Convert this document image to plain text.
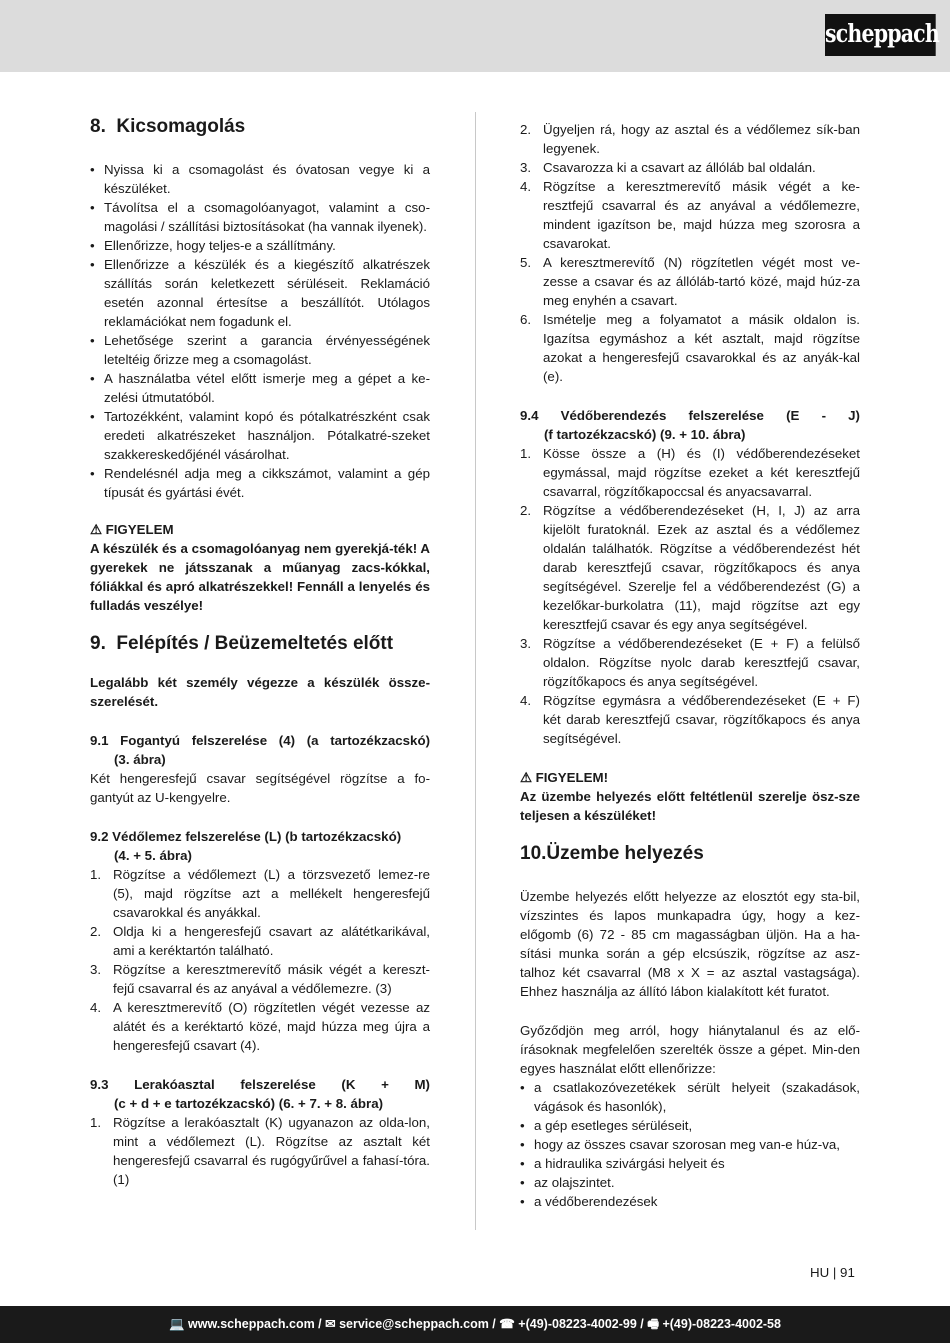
scheppach
8. Kicsomagolás
• Nyissa ki a csomagolást és óvatosan vegye ki a készüléket.
• Távolítsa el a csomagolóanyagot, valamint a cso-magolási / szállítási biztosításokat (ha vannak ilyenek).
• Ellenőrizze, hogy teljes-e a szállítmány.
• Ellenőrizze a készülék és a kiegészítő alkatrészek szállítás során keletkezett sérüléseit. Reklamáció esetén azonnal értesítse a beszállítót. Utólagos reklamációkat nem fogadunk el.
• Lehetősége szerint a garancia érvényességének leteltéig őrizze meg a csomagolást.
• A használatba vétel előtt ismerje meg a gépet a ke-zelési útmutatóból.
• Tartozékként, valamint kopó és pótalkatrészként csak eredeti alkatrészeket használjon. Pótalkatré-szeket szakkereskedőjénél vásárolhat.
• Rendelésnél adja meg a cikkszámot, valamint a gép típusát és gyártási évét.
⚠ FIGYELEM
A készülék és a csomagolóanyag nem gyerekjá-ték! A gyerekek ne játsszanak a műanyag zacs-kókkal, fóliákkal és apró alkatrészekkel! Fennáll a lenyelés és fulladás veszélye!
9. Felépítés / Beüzemeltetés előtt
Legalább két személy végezze a készülék össze-szerelését.
9.1 Fogantyú felszerelése (4) (a tartozékzacskó)
(3. ábra)
Két hengeresfejű csavar segítségével rögzítse a fo-gantyút az U-kengyelre.
9.2 Védőlemez felszerelése (L) (b tartozékzacskó)
(4. + 5. ábra)
1. Rögzítse a védőlemezt (L) a törzsvezető lemez-re (5), majd rögzítse azt a mellékelt hengeresfejű csavarokkal és anyákkal.
2. Oldja ki a hengeresfejű csavart az alátétkarikával, ami a keréktartón található.
3. Rögzítse a keresztmerevítő másik végét a kereszt-fejű csavarral és az anyával a védőlemezre. (3)
4. A keresztmerevítő (O) rögzítetlen végét vezesse az alátét és a keréktartó közé, majd húzza meg újra a hengeresfejű csavart (4).
9.3 Lerakóasztal felszerelése (K + M)
(c + d + e tartozékzacskó) (6. + 7. + 8. ábra)
1. Rögzítse a lerakóasztalt (K) ugyanazon az olda-lon, mint a védőlemezt (L). Rögzítse az asztalt két hengeresfejű csavarral és rugógyűrűvel a fahasí-tóra. (1)
2. Ügyeljen rá, hogy az asztal és a védőlemez sík-ban legyenek.
3. Csavarozza ki a csavart az állóláb bal oldalán.
4. Rögzítse a keresztmerevítő másik végét a ke-resztfejű csavarral és az anyával a védőlemezre, mindent igazítson be, majd húzza meg szorosra a csavarokat.
5. A keresztmerevítő (N) rögzítetlen végét most ve-zesse a csavar és az állóláb-tartó közé, majd húz-za meg enyhén a csavart.
6. Ismételje meg a folyamatot a másik oldalon is. Igazítsa egymáshoz a két asztalt, majd rögzítse azokat a hengeresfejű csavarokkal és az anyák-kal (e).
9.4 Védőberendezés felszerelése (E - J)
(f tartozékzacskó) (9. + 10. ábra)
1. Kösse össze a (H) és (I) védőberendezéseket egymással, majd rögzítse ezeket a két keresztfejű csavarral, rögzítőkapoccsal és anyacsavarral.
2. Rögzítse a védőberendezéseket (H, I, J) az arra kijelölt furatoknál. Ezek az asztal és a védőlemez oldalán találhatók. Rögzítse a védőberendezést hét darab keresztfejű csavar, rögzítőkapocs és anya segítségével. Szerelje fel a védőberendezést (G) a kezelőkar-burkolatra (11), majd rögzítse azt egy keresztfejű csavar és egy anya segítségével.
3. Rögzítse a védőberendezéseket (E + F) a felülső oldalon. Rögzítse nyolc darab keresztfejű csavar, rögzítőkapocs és anya segítségével.
4. Rögzítse egymásra a védőberendezéseket (E + F) két darab keresztfejű csavar, rögzítőkapocs és anya segítségével.
⚠ FIGYELEM!
Az üzembe helyezés előtt feltétlenül szerelje ösz-sze teljesen a készüléket!
10.Üzembe helyezés
Üzembe helyezés előtt helyezze az elosztót egy sta-bil, vízszintes és lapos munkapadra úgy, hogy a kez-előgomb (6) 72 - 85 cm magasságban üljön. Ha a ha-sítási munka során a gép elcsúszik, rögzítse az asz-talhoz két csavarral (M8 x X = az asztal vastagsága). Ehhez használja az állító lábon kialakított két furatot.
Győződjön meg arról, hogy hiánytalanul és az elő-írásoknak megfelelően szerelték össze a gépet. Min-den egyes használat előtt ellenőrizze:
• a csatlakozóvezetékek sérült helyeit (szakadások, vágások és hasonlók),
• a gép esetleges sérüléseit,
• hogy az összes csavar szorosan meg van-e húz-va,
• a hidraulika szivárgási helyeit és
• az olajszintet.
• a védőberendezések
HU | 91
💻 www.scheppach.com / ✉ service@scheppach.com / ☎ +(49)-08223-4002-99 / 🖷 +(49)-08223-4002-58
